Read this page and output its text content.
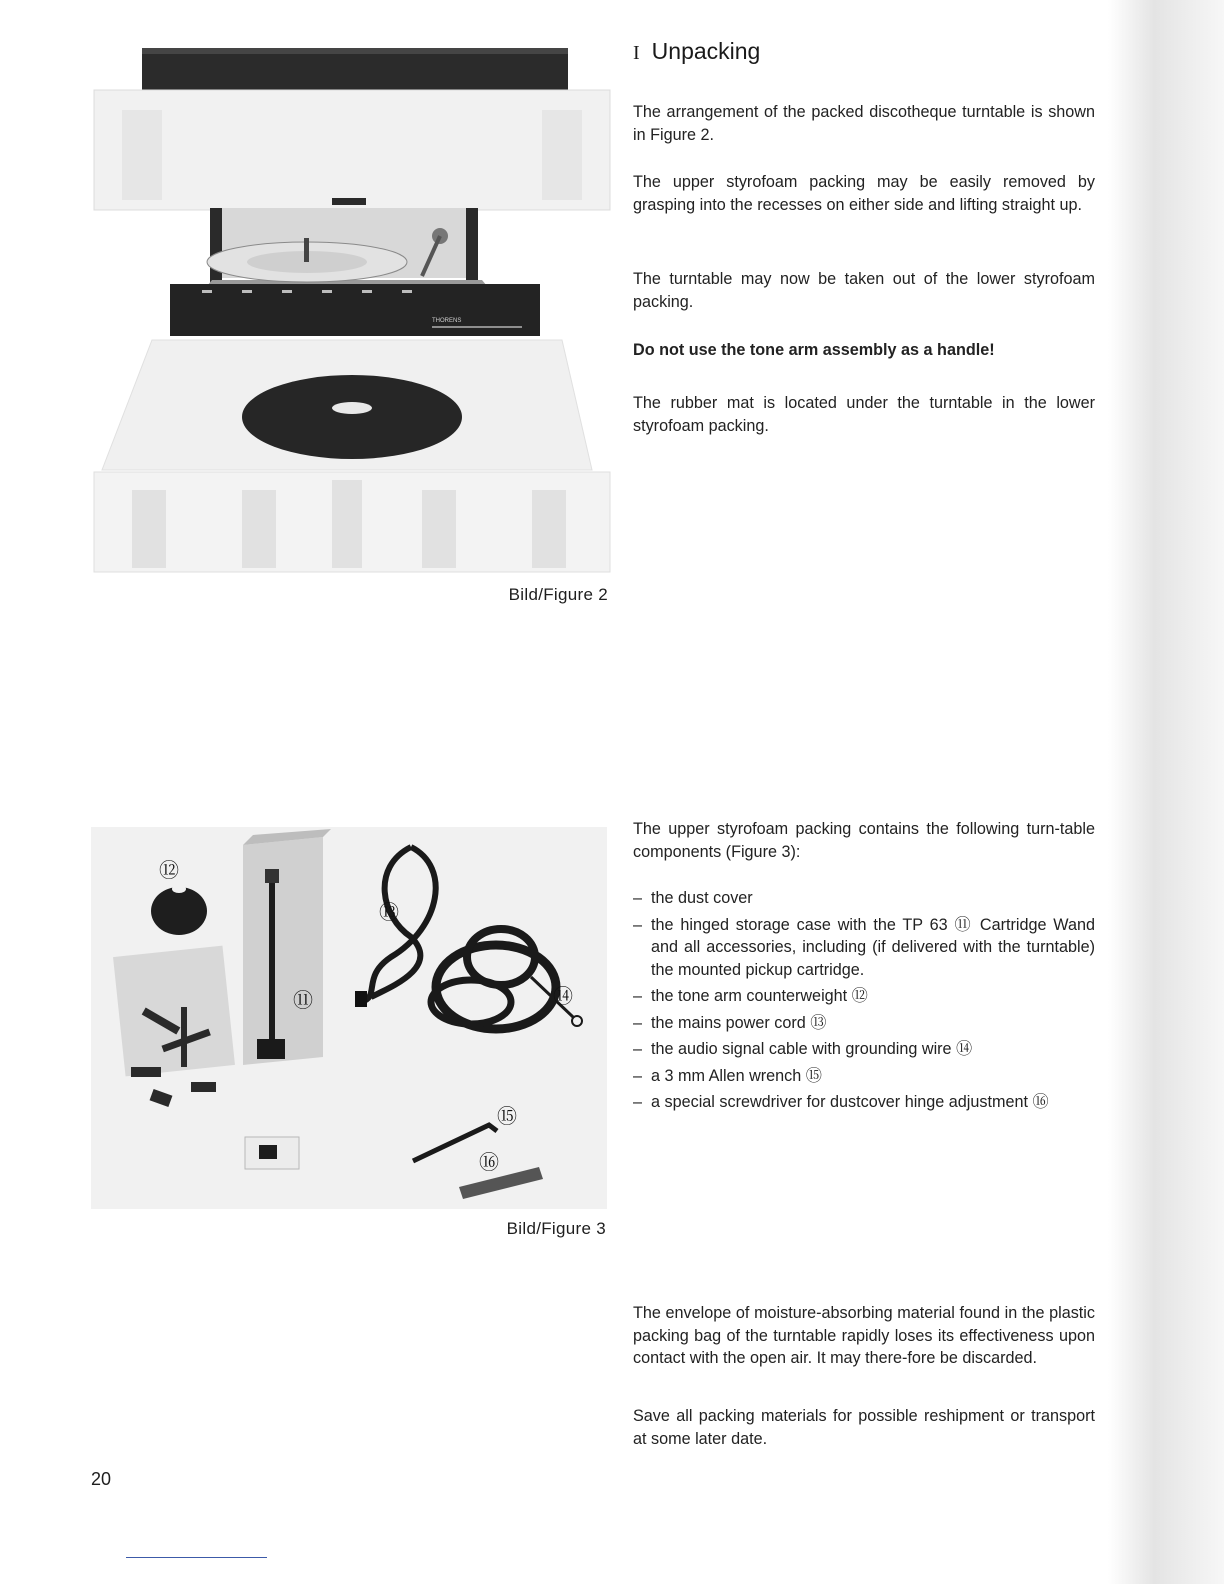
THORENS
Bild/Figure 2
I Unpacking

The arrangement of the packed discotheque turntable is shown in Figure 2.

The upper styrofoam packing may be easily removed by grasping into the recesses on either side and lifting straight up.

The turntable may now be taken out of the lower styrofoam packing.

Do not use the tone arm assembly as a handle!

The rubber mat is located under the turntable in the lower styrofoam packing.

⑫
⑬
⑪	⑭
⑮
⑯
Bild/Figure 3

The upper styrofoam packing contains the following turn-table components (Figure 3):

– the dust cover
– the hinged storage case with the TP 63 ⑪ Cartridge Wand and all accessories, including (if delivered with the turntable) the mounted pickup cartridge.
– the tone arm counterweight ⑫
– the mains power cord ⑬
– the audio signal cable with grounding wire ⑭
– a 3 mm Allen wrench ⑮
– a special screwdriver for dustcover hinge adjustment ⑯

The envelope of moisture-absorbing material found in the plastic packing bag of the turntable rapidly loses its effectiveness upon contact with the open air. It may there-fore be discarded.

Save all packing materials for possible reshipment or transport at some later date.

20
